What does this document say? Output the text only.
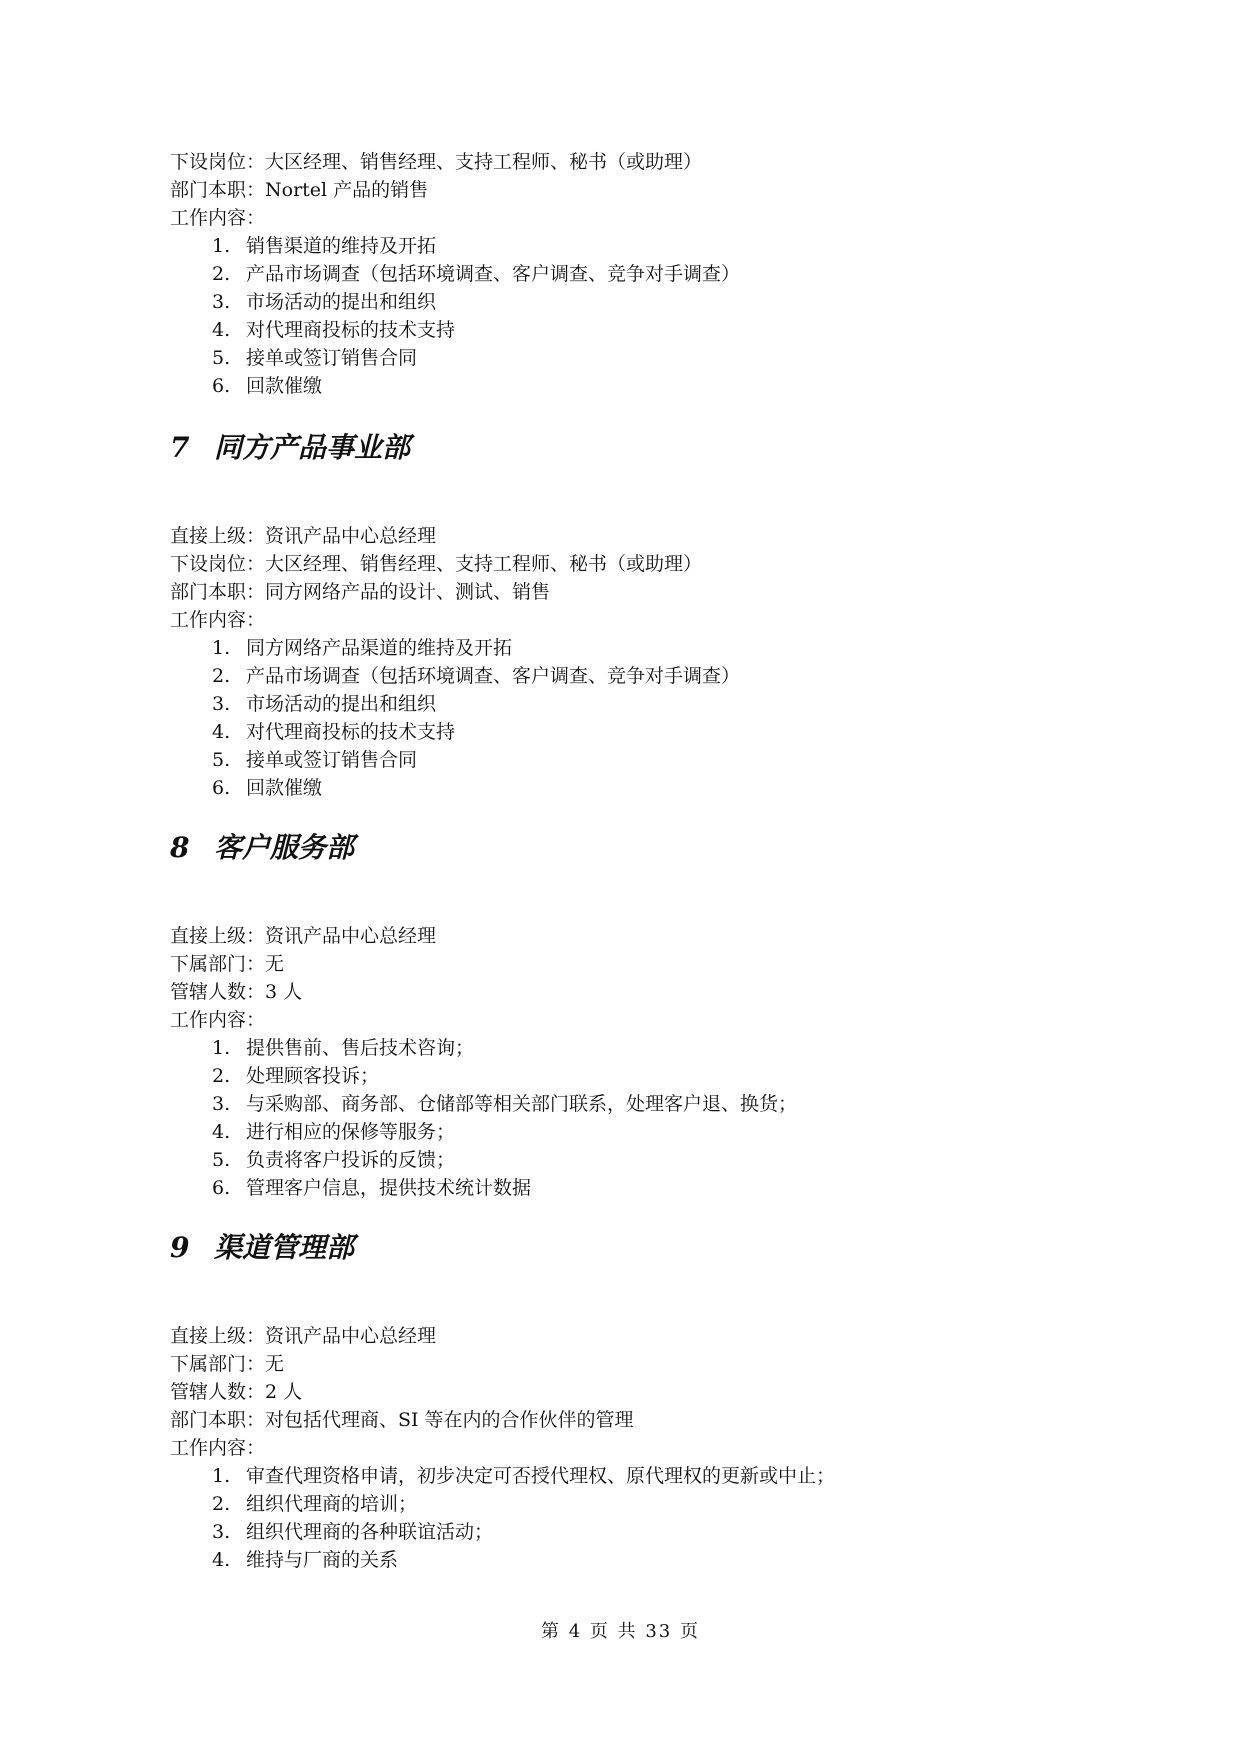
下设岗位：大区经理、销售经理、支持工程师、秘书（或助理）
部门本职：Nortel 产品的销售
工作内容：
1. 销售渠道的维持及开拓
2. 产品市场调查（包括环境调查、客户调查、竞争对手调查）
3. 市场活动的提出和组织
4. 对代理商投标的技术支持
5. 接单或签订销售合同
6. 回款催缴
7 同方产品事业部
直接上级：资讯产品中心总经理
下设岗位：大区经理、销售经理、支持工程师、秘书（或助理）
部门本职：同方网络产品的设计、测试、销售
工作内容：
1. 同方网络产品渠道的维持及开拓
2. 产品市场调查（包括环境调查、客户调查、竞争对手调查）
3. 市场活动的提出和组织
4. 对代理商投标的技术支持
5. 接单或签订销售合同
6. 回款催缴
8 客户服务部
直接上级：资讯产品中心总经理
下属部门：无
管辖人数：3 人
工作内容：
1. 提供售前、售后技术咨询；
2. 处理顾客投诉；
3. 与采购部、商务部、仓储部等相关部门联系，处理客户退、换货；
4. 进行相应的保修等服务；
5. 负责将客户投诉的反馈；
6. 管理客户信息，提供技术统计数据
9 渠道管理部
直接上级：资讯产品中心总经理
下属部门：无
管辖人数：2 人
部门本职：对包括代理商、SI 等在内的合作伙伴的管理
工作内容：
1. 审查代理资格申请，初步决定可否授代理权、原代理权的更新或中止；
2. 组织代理商的培训；
3. 组织代理商的各种联谊活动；
4. 维持与厂商的关系
第 4 页 共 33 页
